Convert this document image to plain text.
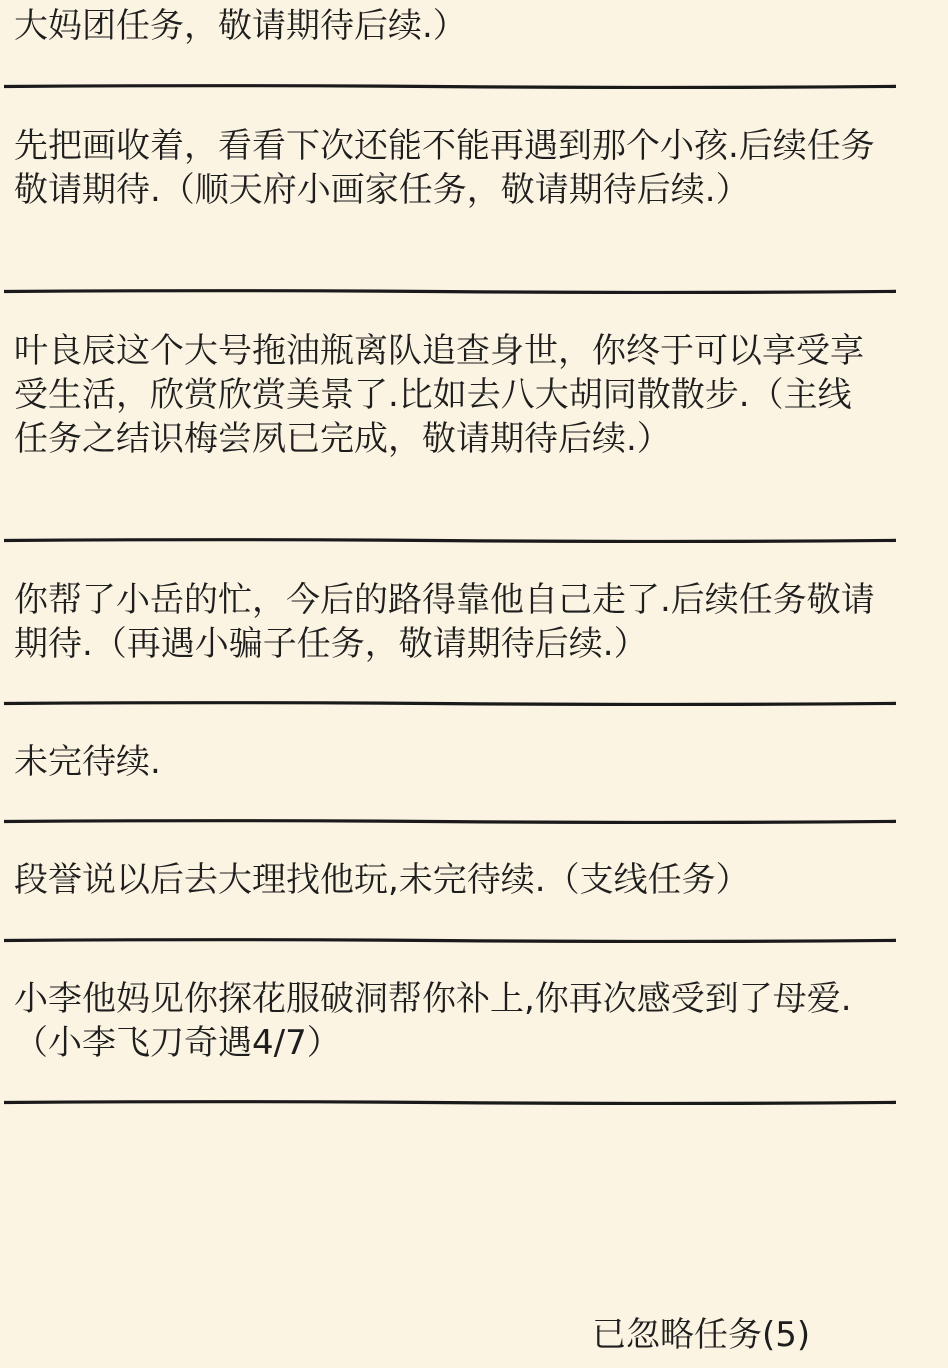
大妈团任务，敬请期待后续.）
先把画收着，看看下次还能不能再遇到那个小孩.后续任务敬请期待.（顺天府小画家任务，敬请期待后续.）
叶良辰这个大号拖油瓶离队追查身世，你终于可以享受享受生活，欣赏欣赏美景了.比如去八大胡同散散步.（主线任务之结识梅尝夙已完成，敬请期待后续.）
你帮了小岳的忙，今后的路得靠他自己走了.后续任务敬请期待.（再遇小骗子任务，敬请期待后续.）
未完待续.
段誉说以后去大理找他玩,未完待续.（支线任务）
小李他妈见你探花服破洞帮你补上,你再次感受到了母爱.（小李飞刀奇遇4/7）
已忽略任务(5)
